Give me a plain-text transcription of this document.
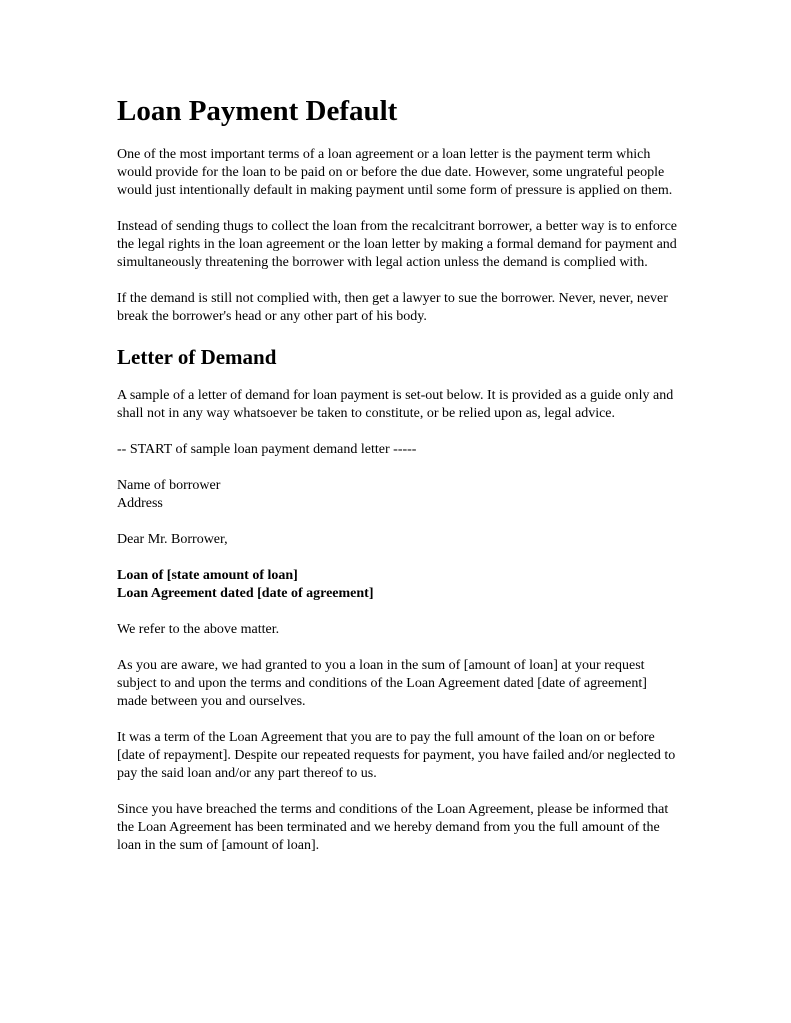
Loan Payment Default

One of the most important terms of a loan agreement or a loan letter is the payment term which would provide for the loan to be paid on or before the due date. However, some ungrateful people would just intentionally default in making payment until some form of pressure is applied on them.

Instead of sending thugs to collect the loan from the recalcitrant borrower, a better way is to enforce the legal rights in the loan agreement or the loan letter by making a formal demand for payment and simultaneously threatening the borrower with legal action unless the demand is complied with.

If the demand is still not complied with, then get a lawyer to sue the borrower. Never, never, never break the borrower's head or any other part of his body.

Letter of Demand

A sample of a letter of demand for loan payment is set-out below. It is provided as a guide only and shall not in any way whatsoever be taken to constitute, or be relied upon as, legal advice.

-- START of sample loan payment demand letter -----

Name of borrower
Address

Dear Mr. Borrower,

Loan of [state amount of loan]
Loan Agreement dated [date of agreement]

We refer to the above matter.

As you are aware, we had granted to you a loan in the sum of [amount of loan] at your request subject to and upon the terms and conditions of the Loan Agreement dated [date of agreement] made between you and ourselves.

It was a term of the Loan Agreement that you are to pay the full amount of the loan on or before [date of repayment]. Despite our repeated requests for payment, you have failed and/or neglected to pay the said loan and/or any part thereof to us.

Since you have breached the terms and conditions of the Loan Agreement, please be informed that the Loan Agreement has been terminated and we hereby demand from you the full amount of the loan in the sum of [amount of loan].
